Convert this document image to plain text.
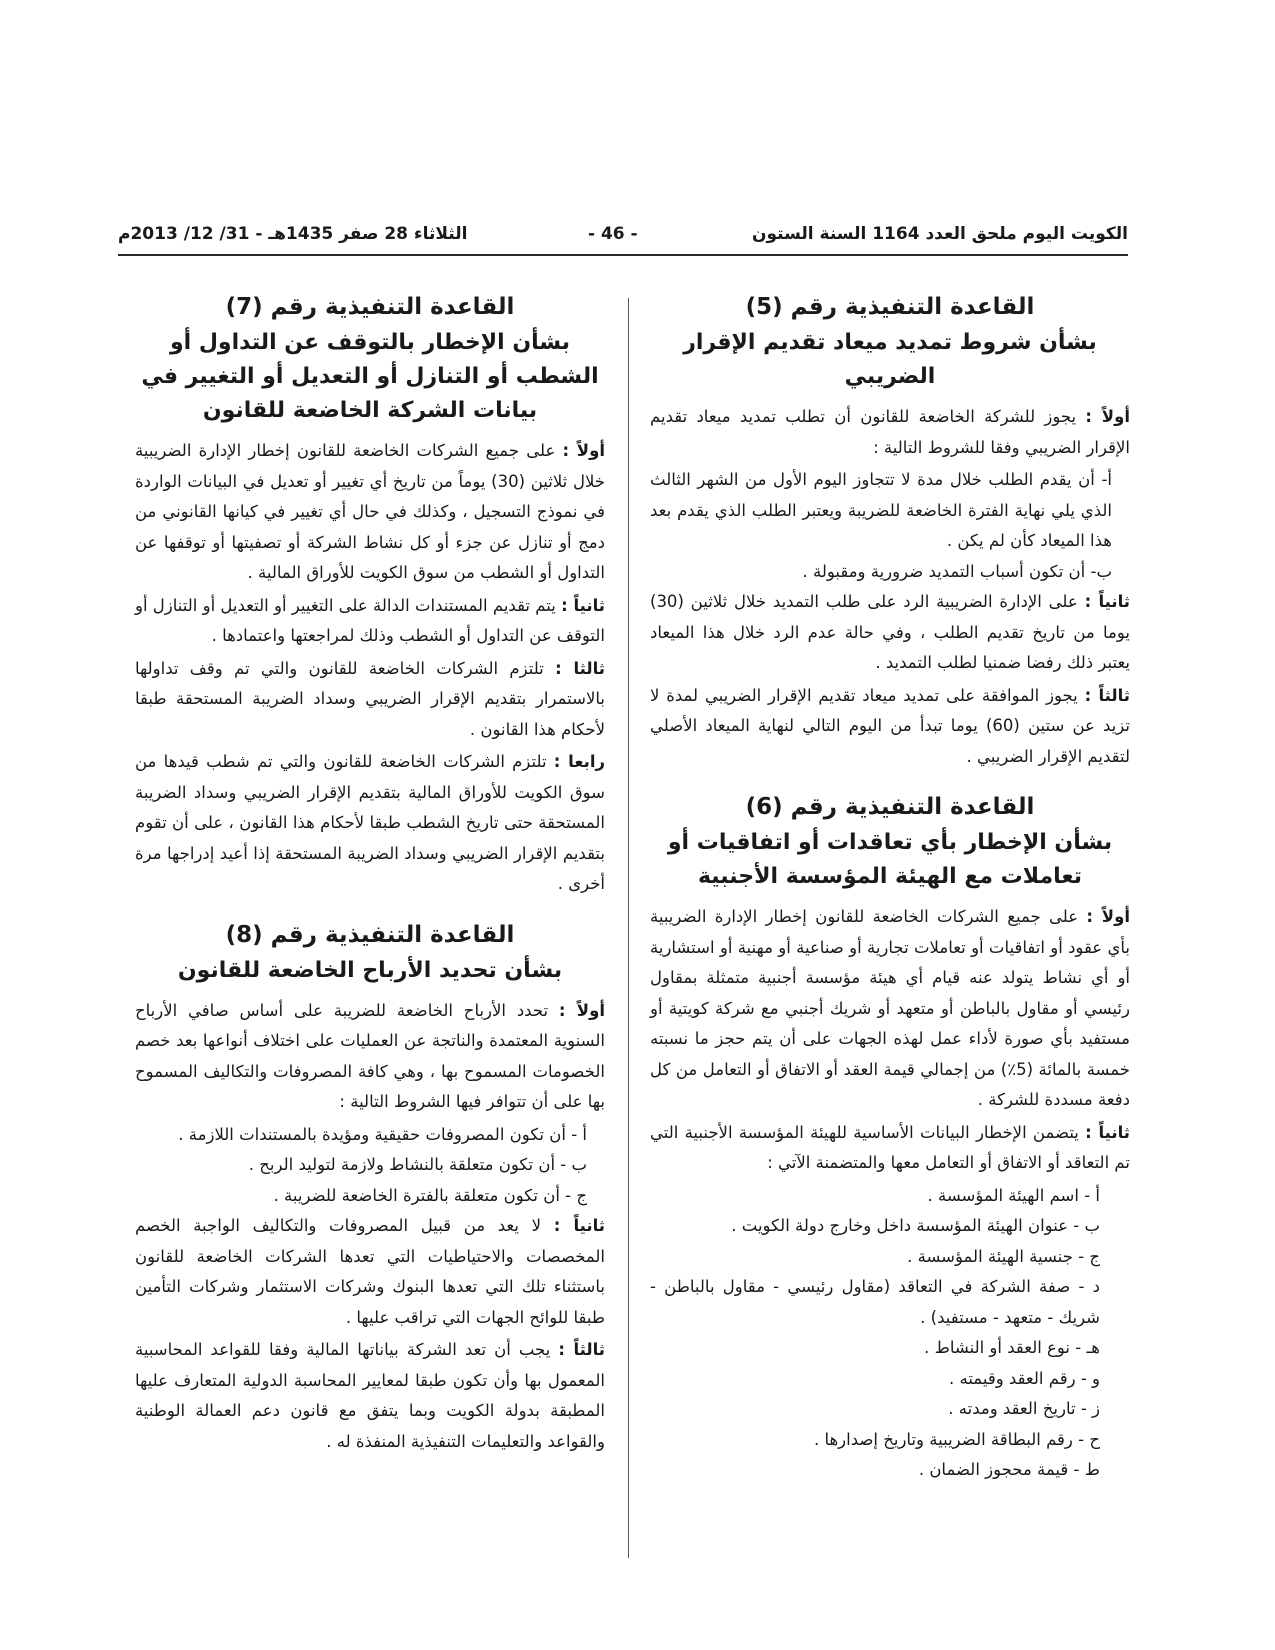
الكويت اليوم ملحق العدد 1164 السنة الستون
- 46 -
الثلاثاء 28 صفر 1435هـ - 31/ 12/ 2013م
القاعدة التنفيذية رقم (5)
بشأن شروط تمديد ميعاد تقديم الإقرار الضريبي

أولاً : يجوز للشركة الخاضعة للقانون أن تطلب تمديد ميعاد تقديم الإقرار الضريبي وفقا للشروط التالية :

أ- أن يقدم الطلب خلال مدة لا تتجاوز اليوم الأول من الشهر الثالث الذي يلي نهاية الفترة الخاضعة للضريبة ويعتبر الطلب الذي يقدم بعد هذا الميعاد كأن لم يكن .

ب- أن تكون أسباب التمديد ضرورية ومقبولة .

ثانياً : على الإدارة الضريبية الرد على طلب التمديد خلال ثلاثين (30) يوما من تاريخ تقديم الطلب ، وفي حالة عدم الرد خلال هذا الميعاد يعتبر ذلك رفضا ضمنيا لطلب التمديد .

ثالثاً : يجوز الموافقة على تمديد ميعاد تقديم الإقرار الضريبي لمدة لا تزيد عن ستين (60) يوما تبدأ من اليوم التالي لنهاية الميعاد الأصلي لتقديم الإقرار الضريبي .

القاعدة التنفيذية رقم (6)
بشأن الإخطار بأي تعاقدات أو اتفاقيات أو تعاملات مع الهيئة المؤسسة الأجنبية

أولاً : على جميع الشركات الخاضعة للقانون إخطار الإدارة الضريبية بأي عقود أو اتفاقيات أو تعاملات تجارية أو صناعية أو مهنية أو استشارية أو أي نشاط يتولد عنه قيام أي هيئة مؤسسة أجنبية متمثلة بمقاول رئيسي أو مقاول بالباطن أو متعهد أو شريك أجنبي مع شركة كويتية أو مستفيد بأي صورة لأداء عمل لهذه الجهات على أن يتم حجز ما نسبته خمسة بالمائة (5٪) من إجمالي قيمة العقد أو الاتفاق أو التعامل من كل دفعة مسددة للشركة .

ثانياً : يتضمن الإخطار البيانات الأساسية للهيئة المؤسسة الأجنبية التي تم التعاقد أو الاتفاق أو التعامل معها والمتضمنة الآتي :

أ - اسم الهيئة المؤسسة .

ب - عنوان الهيئة المؤسسة داخل وخارج دولة الكويت .

ج - جنسية الهيئة المؤسسة .

د - صفة الشركة في التعاقد (مقاول رئيسي - مقاول بالباطن - شريك - متعهد - مستفيد) .

هـ - نوع العقد أو النشاط .

و - رقم العقد وقيمته .

ز - تاريخ العقد ومدته .

ح - رقم البطاقة الضريبية وتاريخ إصدارها .

ط - قيمة محجوز الضمان .

القاعدة التنفيذية رقم (7)
بشأن الإخطار بالتوقف عن التداول أو الشطب أو التنازل أو التعديل أو التغيير في بيانات الشركة الخاضعة للقانون

أولاً : على جميع الشركات الخاضعة للقانون إخطار الإدارة الضريبية خلال ثلاثين (30) يوماً من تاريخ أي تغيير أو تعديل في البيانات الواردة في نموذج التسجيل ، وكذلك في حال أي تغيير في كيانها القانوني من دمج أو تنازل عن جزء أو كل نشاط الشركة أو تصفيتها أو توقفها عن التداول أو الشطب من سوق الكويت للأوراق المالية .

ثانياً : يتم تقديم المستندات الدالة على التغيير أو التعديل أو التنازل أو التوقف عن التداول أو الشطب وذلك لمراجعتها واعتمادها .

ثالثا : تلتزم الشركات الخاضعة للقانون والتي تم وقف تداولها بالاستمرار بتقديم الإقرار الضريبي وسداد الضريبة المستحقة طبقا لأحكام هذا القانون .

رابعا : تلتزم الشركات الخاضعة للقانون والتي تم شطب قيدها من سوق الكويت للأوراق المالية بتقديم الإقرار الضريبي وسداد الضريبة المستحقة حتى تاريخ الشطب طبقا لأحكام هذا القانون ، على أن تقوم بتقديم الإقرار الضريبي وسداد الضريبة المستحقة إذا أعيد إدراجها مرة أخرى .

القاعدة التنفيذية رقم (8)
بشأن تحديد الأرباح الخاضعة للقانون

أولاً : تحدد الأرباح الخاضعة للضريبة على أساس صافي الأرباح السنوية المعتمدة والناتجة عن العمليات على اختلاف أنواعها بعد خصم الخصومات المسموح بها ، وهي كافة المصروفات والتكاليف المسموح بها على أن تتوافر فيها الشروط التالية :

أ - أن تكون المصروفات حقيقية ومؤيدة بالمستندات اللازمة .

ب - أن تكون متعلقة بالنشاط ولازمة لتوليد الربح .

ج - أن تكون متعلقة بالفترة الخاضعة للضريبة .

ثانياً : لا يعد من قبيل المصروفات والتكاليف الواجبة الخصم المخصصات والاحتياطيات التي تعدها الشركات الخاضعة للقانون باستثناء تلك التي تعدها البنوك وشركات الاستثمار وشركات التأمين طبقا للوائح الجهات التي تراقب عليها .

ثالثاً : يجب أن تعد الشركة بياناتها المالية وفقا للقواعد المحاسبية المعمول بها وأن تكون طبقا لمعايير المحاسبة الدولية المتعارف عليها المطبقة بدولة الكويت وبما يتفق مع قانون دعم العمالة الوطنية والقواعد والتعليمات التنفيذية المنفذة له .
